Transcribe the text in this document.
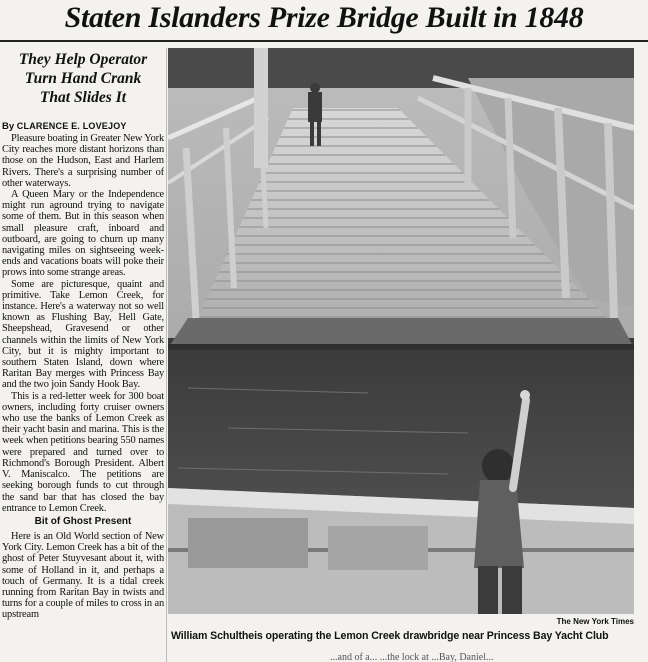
Staten Islanders Prize Bridge Built in 1848
They Help Operator
Turn Hand Crank
That Slides It
By CLARENCE E. LOVEJOY

Pleasure boating in Greater New York City reaches more distant horizons than those on the Hudson, East and Harlem Rivers. There's a surprising number of other waterways.

A Queen Mary or the Independence might run aground trying to navigate some of them. But in this season when small pleasure craft, inboard and outboard, are going to churn up many navigating miles on sightseeing week-ends and vacations boats will poke their prows into some strange areas.

Some are picturesque, quaint and primitive. Take Lemon Creek, for instance. Here's a waterway not so well known as Flushing Bay, Hell Gate, Sheepshead, Gravesend or other channels within the limits of New York City, but it is mighty important to southern Staten Island, down where Raritan Bay merges with Princess Bay and the two join Sandy Hook Bay.

This is a red-letter week for 300 boat owners, including forty cruiser owners who use the banks of Lemon Creek as their yacht basin and marina. This is the week when petitions bearing 550 names were prepared and turned over to Richmond's Borough President. Albert V. Maniscalco. The petitions are seeking borough funds to cut through the sand bar that has closed the bay entrance to Lemon Creek.

Bit of Ghost Present

Here is an Old World section of New York City. Lemon Creek has a bit of the ghost of Peter Stuyvesant about it, with some of Holland in it, and perhaps a touch of Germany. It is a tidal creek running from Raritan Bay in twists and turns for a couple of miles to cross in an upstream

The New York Times
William Schultheis operating the Lemon Creek drawbridge near Princess Bay Yacht Club
...and of a... ...the lock at ...Bay, Daniel...
